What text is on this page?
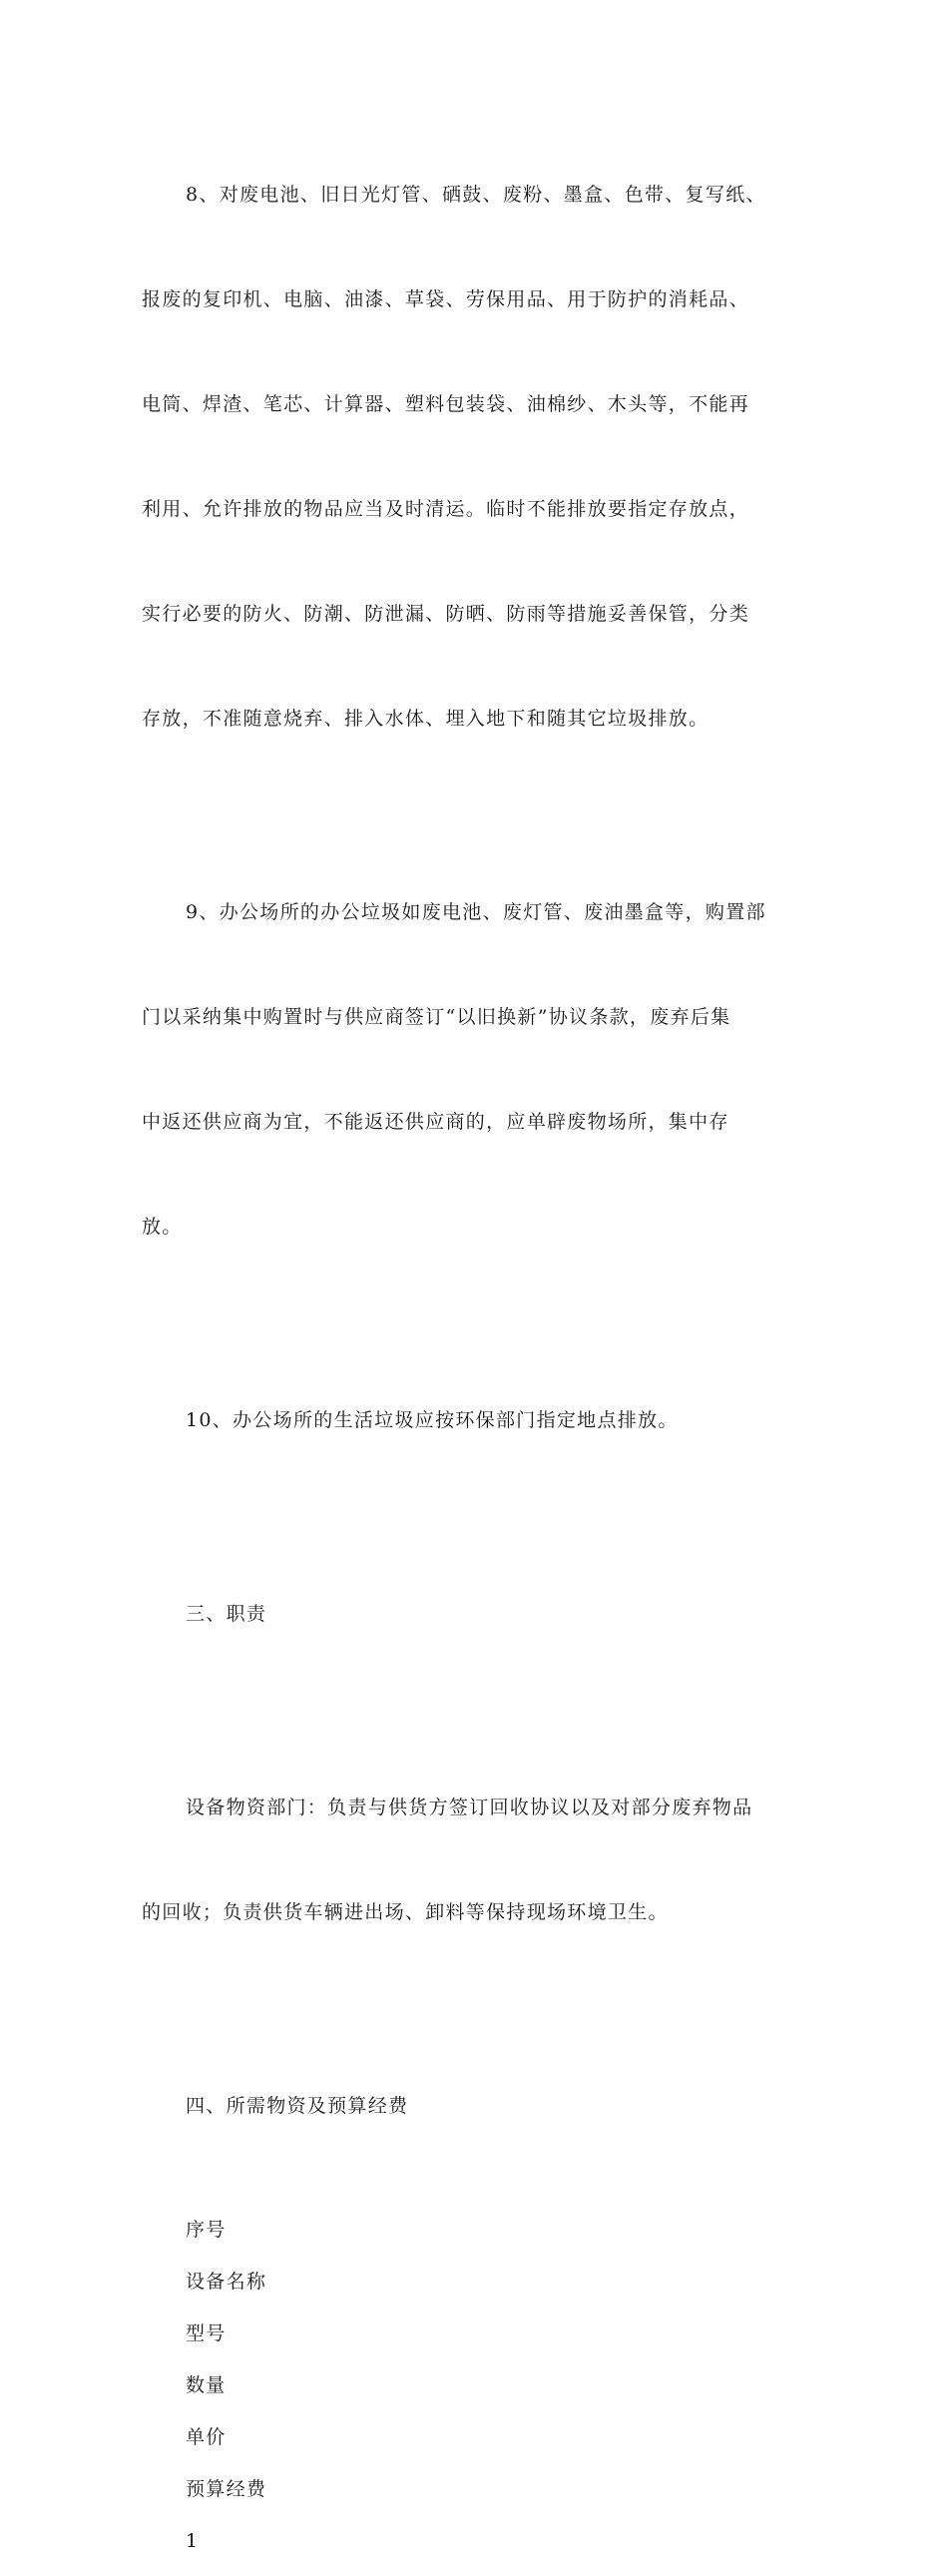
8、对废电池、旧日光灯管、硒鼓、废粉、墨盒、色带、复写纸、

报废的复印机、电脑、油漆、草袋、劳保用品、用于防护的消耗品、

电筒、焊渣、笔芯、计算器、塑料包装袋、油棉纱、木头等，不能再

利用、允许排放的物品应当及时清运。临时不能排放要指定存放点，

实行必要的防火、防潮、防泄漏、防晒、防雨等措施妥善保管，分类

存放，不准随意烧弃、排入水体、埋入地下和随其它垃圾排放。

9、办公场所的办公垃圾如废电池、废灯管、废油墨盒等，购置部

门以采纳集中购置时与供应商签订“以旧换新”协议条款，废弃后集

中返还供应商为宜，不能返还供应商的，应单辟废物场所，集中存

放。

10、办公场所的生活垃圾应按环保部门指定地点排放。

三、职责

设备物资部门：负责与供货方签订回收协议以及对部分废弃物品

的回收；负责供货车辆进出场、卸料等保持现场环境卫生。

四、所需物资及预算经费

序号
设备名称
型号
数量
单价
预算经费
1
